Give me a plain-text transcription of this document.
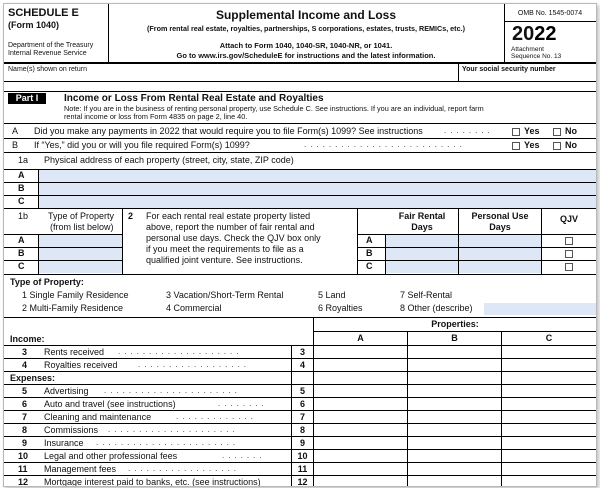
SCHEDULE E
(Form 1040)
Department of the Treasury
Internal Revenue Service
Supplemental Income and Loss
(From rental real estate, royalties, partnerships, S corporations, estates, trusts, REMICs, etc.)
Attach to Form 1040, 1040-SR, 1040-NR, or 1041.
Go to www.irs.gov/ScheduleE for instructions and the latest information.
OMB No. 1545-0074
2022
Attachment
Sequence No. 13
Name(s) shown on return	Your social security number
Part I	Income or Loss From Rental Real Estate and Royalties
Note: If you are in the business of renting personal property, use Schedule C. See instructions. If you are an individual, report farm
rental income or loss from Form 4835 on page 2, line 40.
A Did you make any payments in 2022 that would require you to file Form(s) 1099? See instructions	........	Yes	No
B If “Yes,” did you or will you file required Form(s) 1099?	..........................	Yes	No
1a Physical address of each property (street, city, state, ZIP code)
A
B
C
1b Type of Property
(from list below)
2 For each rental real estate property listed
above, report the number of fair rental and
personal use days. Check the QJV box only
if you meet the requirements to file as a
qualified joint venture. See instructions.
A
B
C
Fair Rental
Days
Personal Use
Days
QJV
A
B
C
Type of Property:
1 Single Family Residence
2 Multi-Family Residence
3 Vacation/Short-Term Rental
4 Commercial
5 Land
6 Royalties
7 Self-Rental
8 Other (describe)
Properties:
A	B	C
Income:
3 Rents received ....................	3
4 Royalties received	..................	4
Expenses:
5 Advertising ......................	5
6 Auto and travel (see instructions)	........	6
7 Cleaning and maintenance	.............	7
8 Commissions .....................	8
9 Insurance .......................	9
10 Legal and other professional fees	.......	10
11 Management fees ..................	11
12 Mortgage interest paid to banks, etc. (see instructions)	12
